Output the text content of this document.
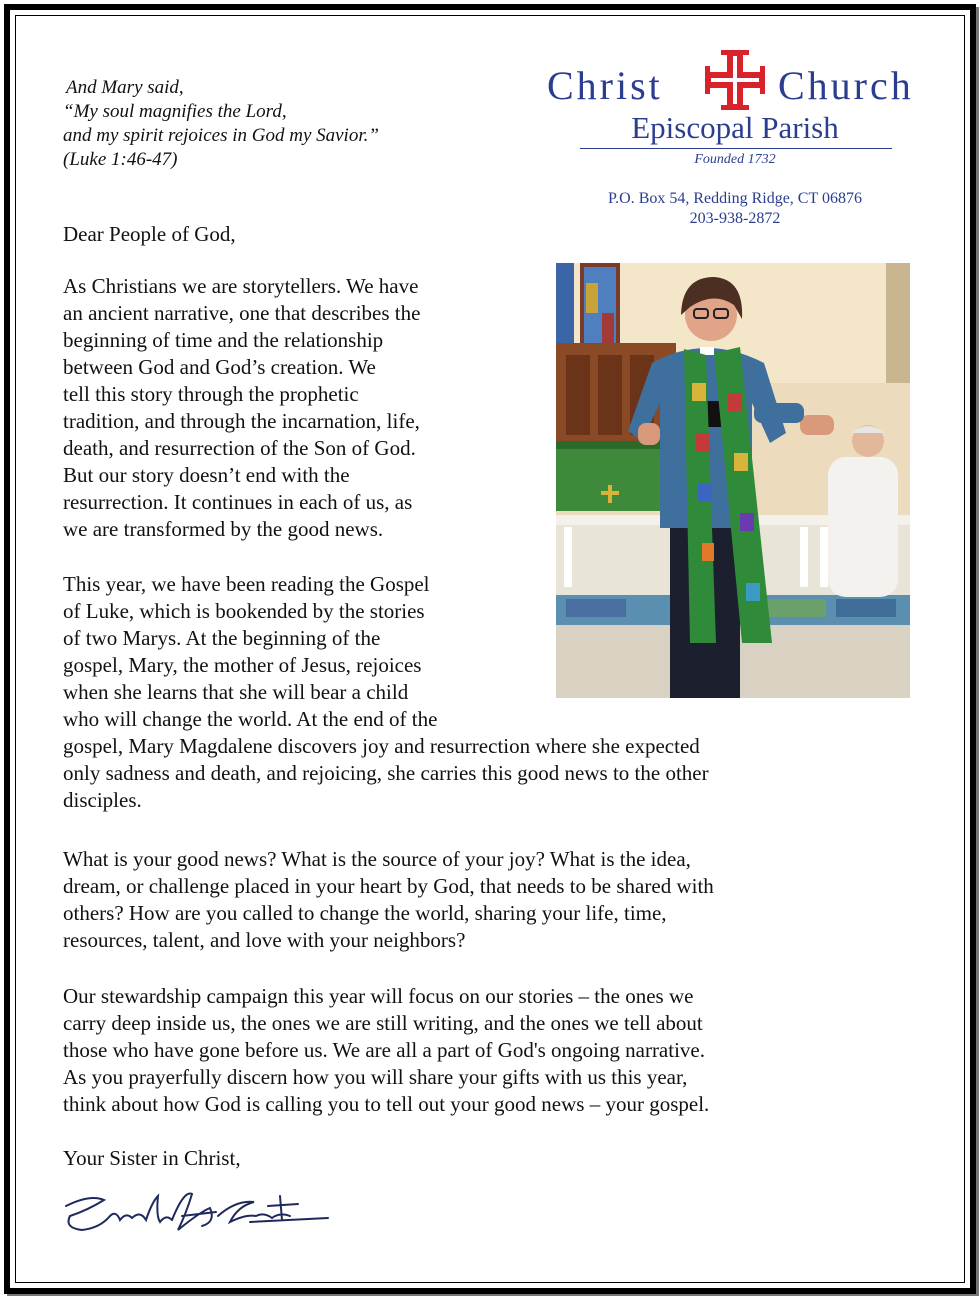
And Mary said,
“My soul magnifies the Lord,
and my spirit rejoices in God my Savior.”
(Luke 1:46-47)
Christ	Church
Episcopal Parish
Founded 1732
P.O. Box 54, Redding Ridge, CT 06876
203-938-2872
Dear People of God,
As Christians we are storytellers. We have
an ancient narrative, one that describes the
beginning of time and the relationship
between God and God’s creation. We
tell this story through the prophetic
tradition, and through the incarnation, life,
death, and resurrection of the Son of God.
But our story doesn’t end with the
resurrection. It continues in each of us, as
we are transformed by the good news.
This year, we have been reading the Gospel
of Luke, which is bookended by the stories
of two Marys. At the beginning of the
gospel, Mary, the mother of Jesus, rejoices
when she learns that she will bear a child
who will change the world. At the end of the
gospel, Mary Magdalene discovers joy and resurrection where she expected
only sadness and death, and rejoicing, she carries this good news to the other
disciples.
What is your good news? What is the source of your joy? What is the idea,
dream, or challenge placed in your heart by God, that needs to be shared with
others? How are you called to change the world, sharing your life, time,
resources, talent, and love with your neighbors?
Our stewardship campaign this year will focus on our stories – the ones we
carry deep inside us, the ones we are still writing, and the ones we tell about
those who have gone before us. We are all a part of God's ongoing narrative.
As you prayerfully discern how you will share your gifts with us this year,
think about how God is calling you to tell out your good news – your gospel.
Your Sister in Christ,
